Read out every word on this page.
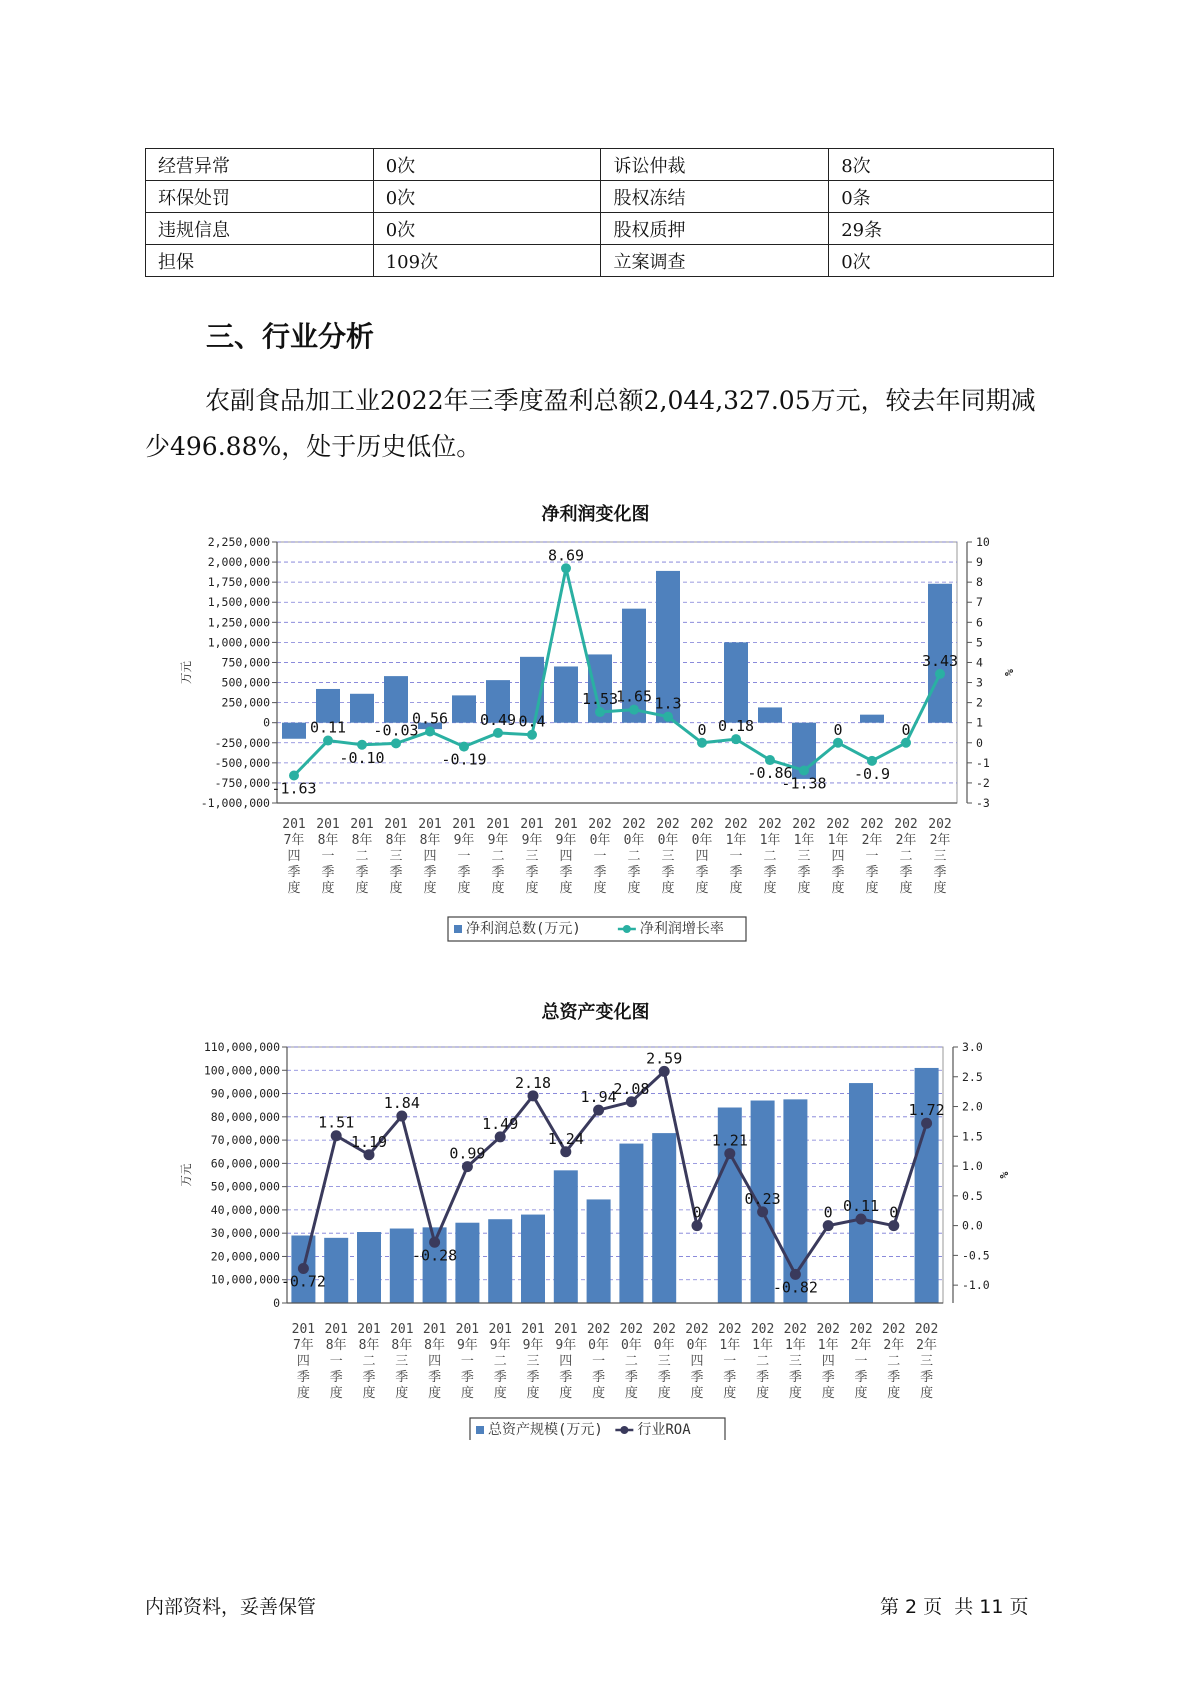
经营异常	0次	诉讼仲裁	8次
环保处罚	0次	股权冻结	0条
违规信息	0次	股权质押	29条
担保	109次	立案调查	0次
三、行业分析
农副食品加工业2022年三季度盈利总额2,044,327.05万元，较去年同期减少496.88%，处于历史低位。
净利润变化图
-1,000,000
-750,000
-500,000
-250,000
0
250,000
500,000
750,000
1,000,000
1,250,000
1,500,000
1,750,000
2,000,000
2,250,000
-3
-2
-1
0
1
2
3
4
5
6
7
8
9
10
万元	%
-1.63
0.11
-0.10
-0.03
0.56
-0.19
0.49 0.4
8.69
1.53
1.65 1.3
0 0.18
-0.86
-1.38
0
-0.9
0
3.43
201
7年
四
季
度
201
8年
一
季
度
201
8年
二
季
度
201
8年
三
季
度
201
8年
四
季
度
201
9年
一
季
度
201
9年
二
季
度
201
9年
三
季
度
201
9年
四
季
度
202
0年
一
季
度
202
0年
二
季
度
202
0年
三
季
度
202
0年
四
季
度
202
1年
一
季
度
202
1年
二
季
度
202
1年
三
季
度
202
1年
四
季
度
202
2年
一
季
度
202
2年
二
季
度
202
2年
三
季
度
净利润总数(万元)	净利润增长率
总资产变化图
0
10,000,000
20,000,000
30,000,000
40,000,000
50,000,000
60,000,000
70,000,000
80,000,000
90,000,000
100,000,000
110,000,000
-1.0
-0.5
0.0
0.5
1.0
1.5
2.0
2.5
3.0
万元	%
-0.72
1.51
1.19
1.84
-0.28
0.99
1.49
2.18
1.24
1.94
2.08
2.59
0
1.21
0.23
-0.82
0 0.11 0
1.72
201
7年
四
季
度
201
8年
一
季
度
201
8年
二
季
度
201
8年
三
季
度
201
8年
四
季
度
201
9年
一
季
度
201
9年
二
季
度
201
9年
三
季
度
201
9年
四
季
度
202
0年
一
季
度
202
0年
二
季
度
202
0年
三
季
度
202
0年
四
季
度
202
1年
一
季
度
202
1年
二
季
度
202
1年
三
季
度
202
1年
四
季
度
202
2年
一
季
度
202
2年
二
季
度
202
2年
三
季
度
总资产规模(万元) 行业ROA
内部资料，妥善保管	第 2 页  共 11 页
